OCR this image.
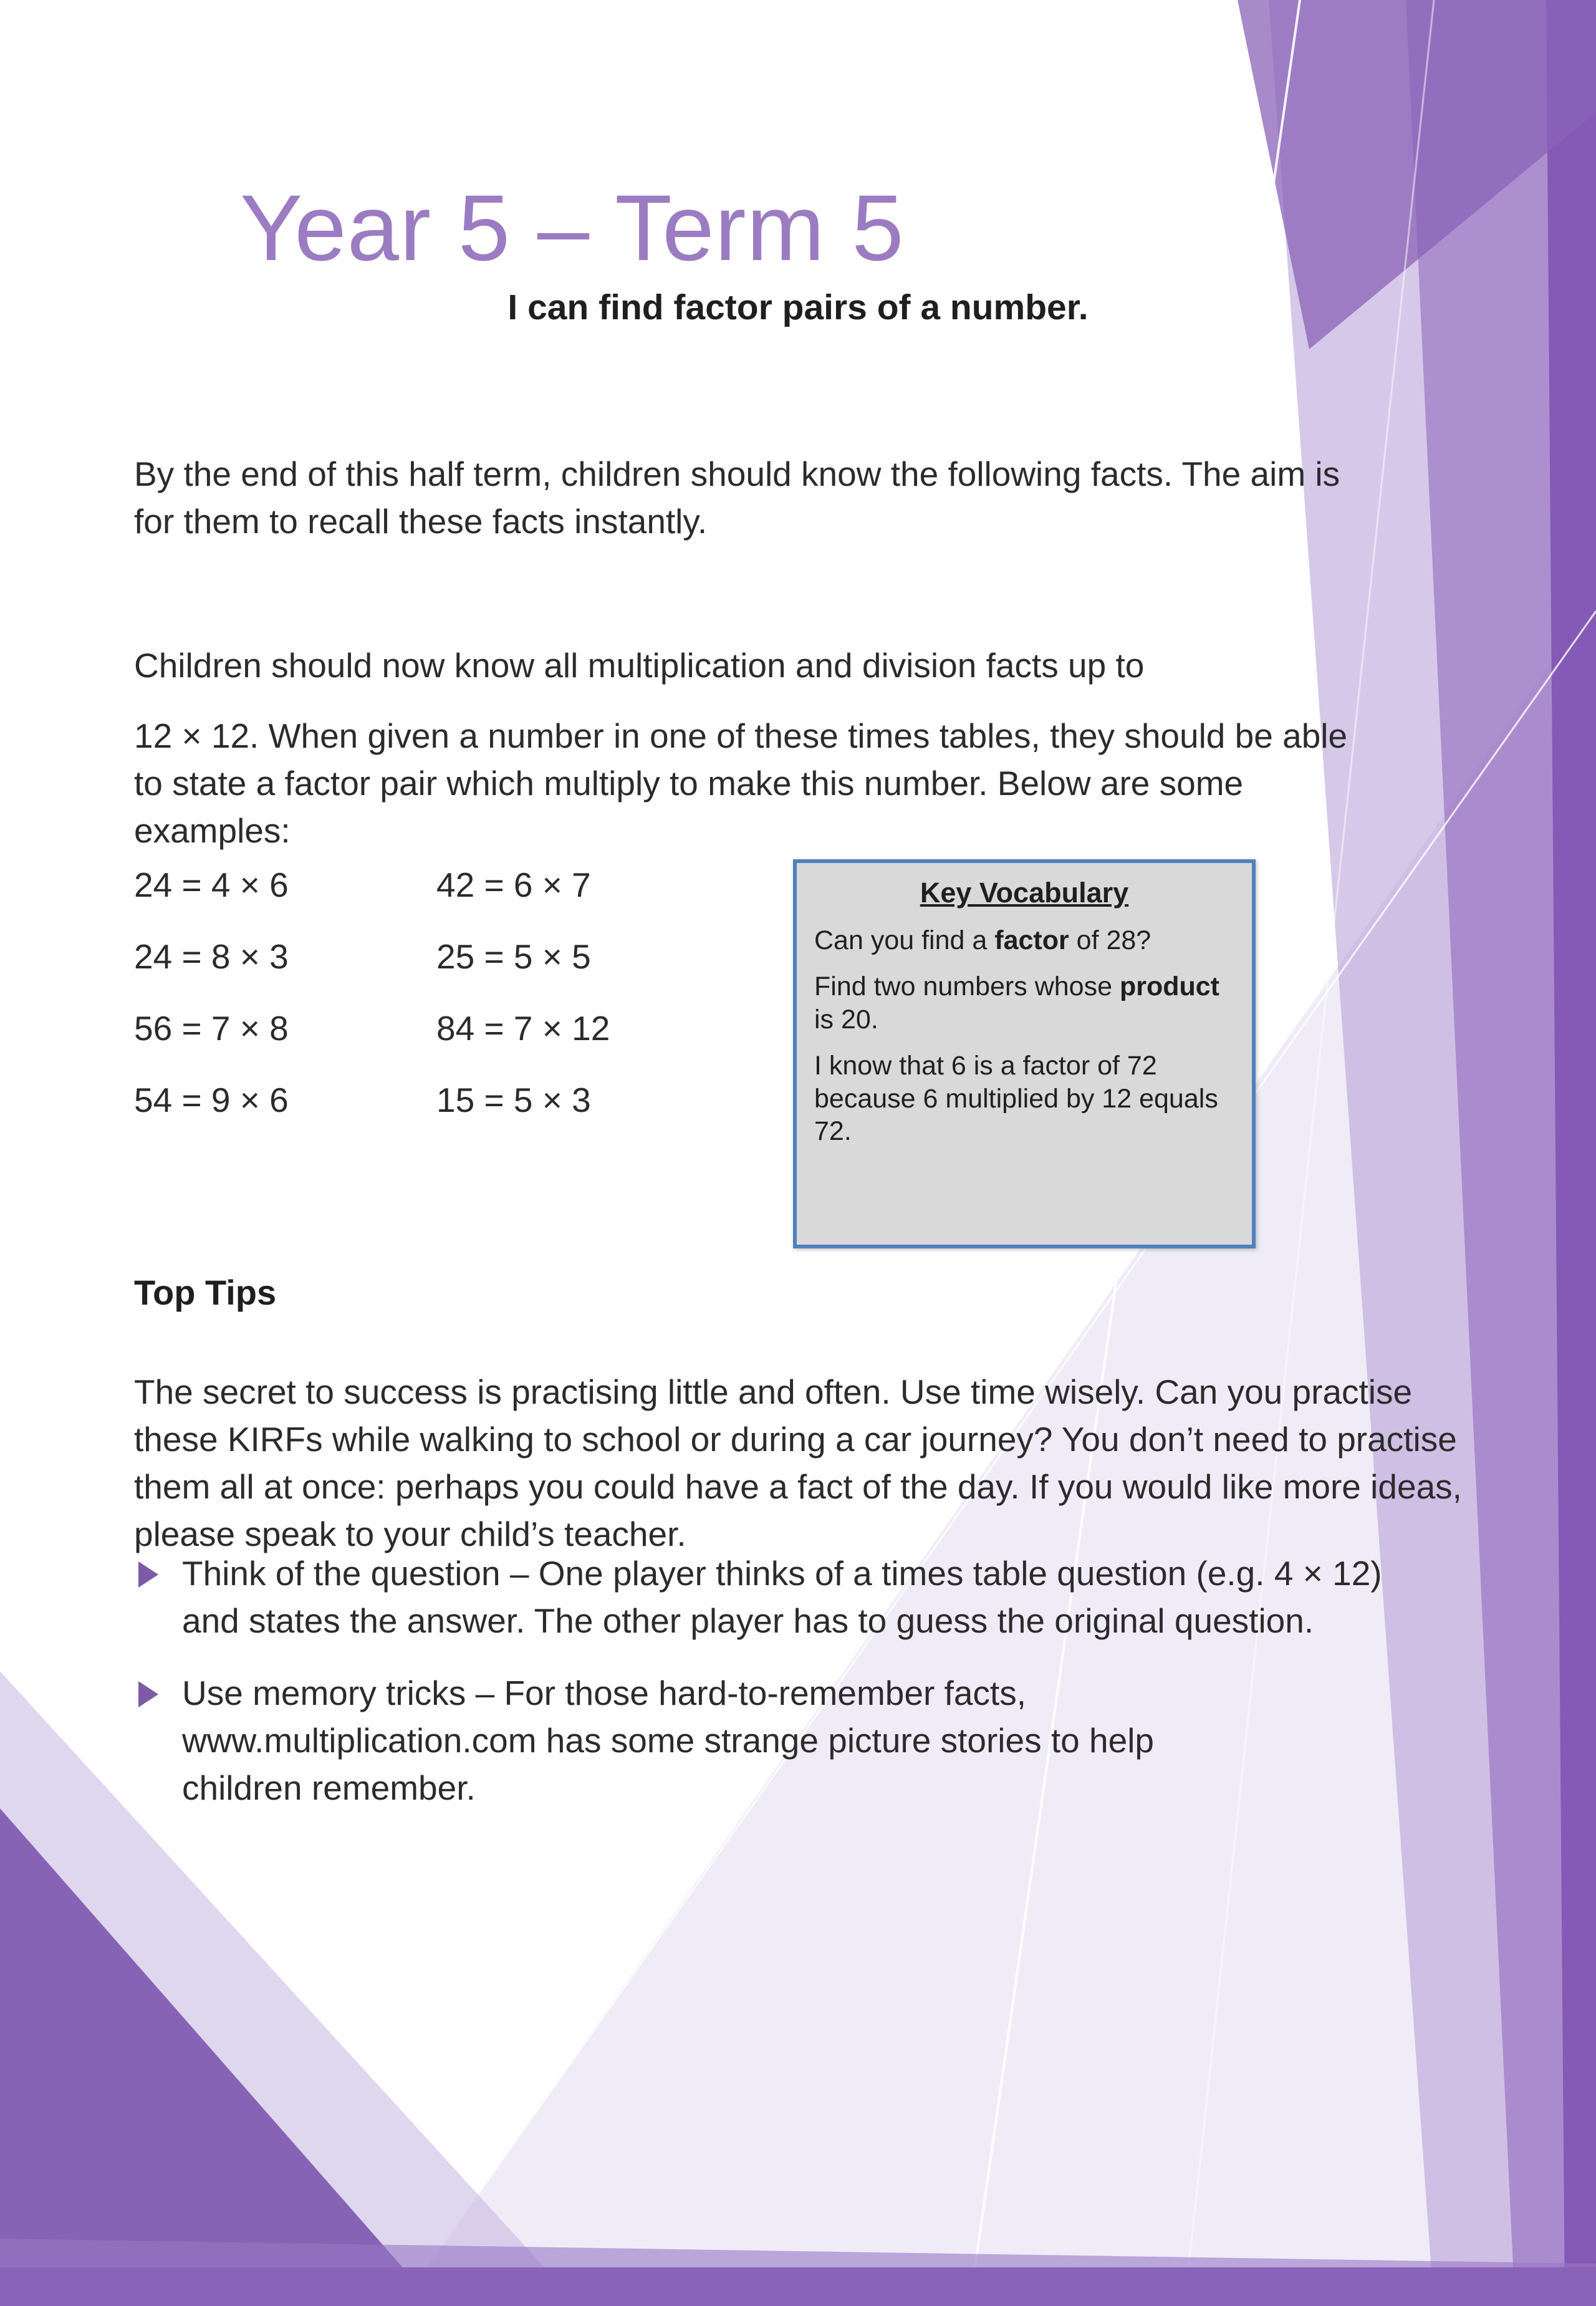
Year 5 – Term 5
I can find factor pairs of a number.

By the end of this half term, children should know the following facts. The aim is for them to recall these facts instantly.

Children should now know all multiplication and division facts up to

12 × 12. When given a number in one of these times tables, they should be able to state a factor pair which multiply to make this number. Below are some examples:

24 = 4 × 6
24 = 8 × 3
56 = 7 × 8
54 = 9 × 6
42 = 6 × 7
25 = 5 × 5
84 = 7 × 12
15 = 5 × 3
Key Vocabulary

Can you find a factor of 28?

Find two numbers whose product is 20.

I know that 6 is a factor of 72 because 6 multiplied by 12 equals 72.

Top Tips

The secret to success is practising little and often. Use time wisely. Can you practise these KIRFs while walking to school or during a car journey? You don’t need to practise them all at once: perhaps you could have a fact of the day. If you would like more ideas, please speak to your child’s teacher.

Think of the question – One player thinks of a times table question (e.g. 4 × 12) and states the answer. The other player has to guess the original question.
Use memory tricks – For those hard-to-remember facts, www.multiplication.com has some strange picture stories to help children remember.
